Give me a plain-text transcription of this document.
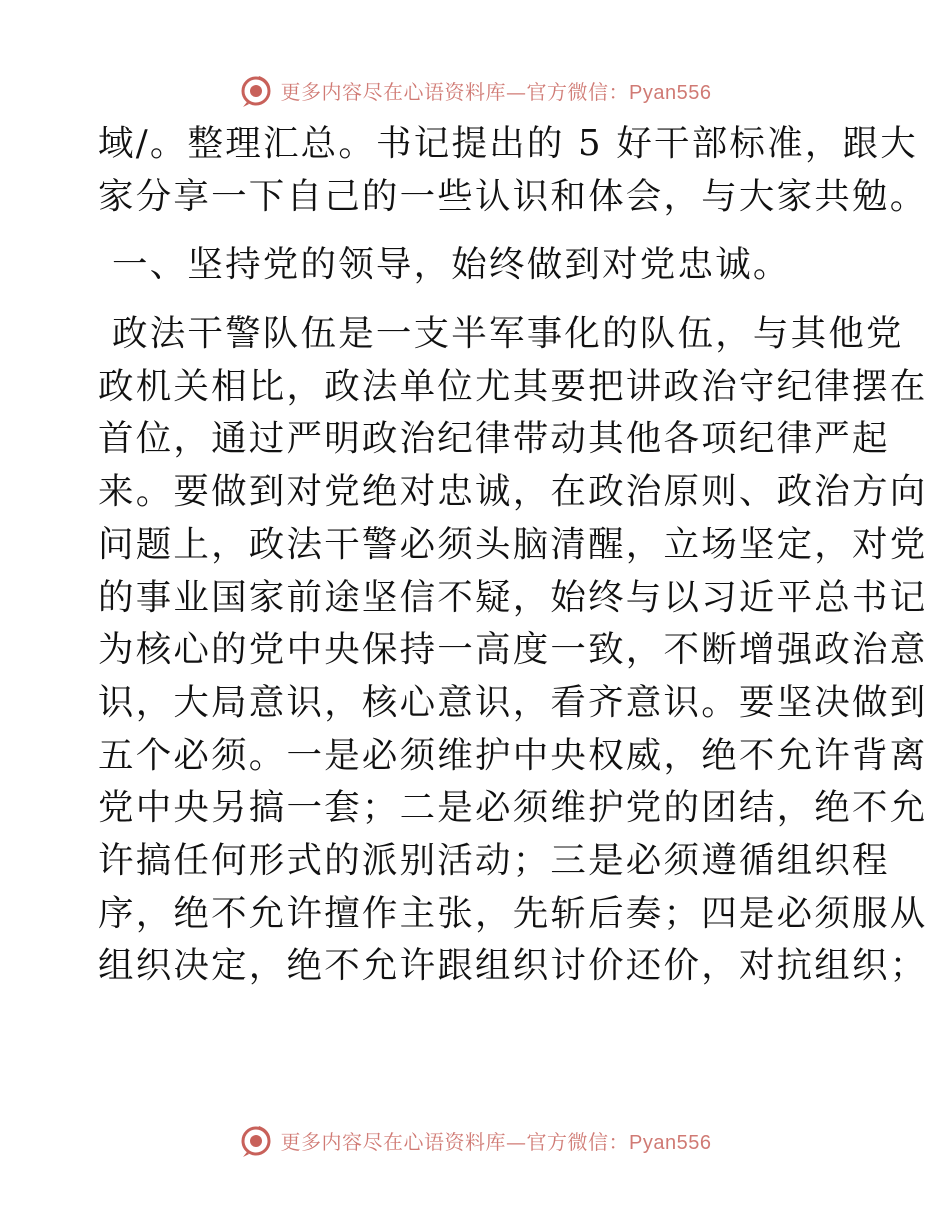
更多内容尽在心语资料库—官方微信：Pyan556
域/。整理汇总。书记提出的 5 好干部标准，跟大
家分享一下自己的一些认识和体会，与大家共勉。
一、坚持党的领导，始终做到对党忠诚。
政法干警队伍是一支半军事化的队伍，与其他党
政机关相比，政法单位尤其要把讲政治守纪律摆在
首位，通过严明政治纪律带动其他各项纪律严起
来。要做到对党绝对忠诚，在政治原则、政治方向
问题上，政法干警必须头脑清醒，立场坚定，对党
的事业国家前途坚信不疑，始终与以习近平总书记
为核心的党中央保持一高度一致，不断增强政治意
识，大局意识，核心意识，看齐意识。要坚决做到
五个必须。一是必须维护中央权威，绝不允许背离
党中央另搞一套；二是必须维护党的团结，绝不允
许搞任何形式的派别活动；三是必须遵循组织程
序，绝不允许擅作主张，先斩后奏；四是必须服从
组织决定，绝不允许跟组织讨价还价，对抗组织；
更多内容尽在心语资料库—官方微信：Pyan556
